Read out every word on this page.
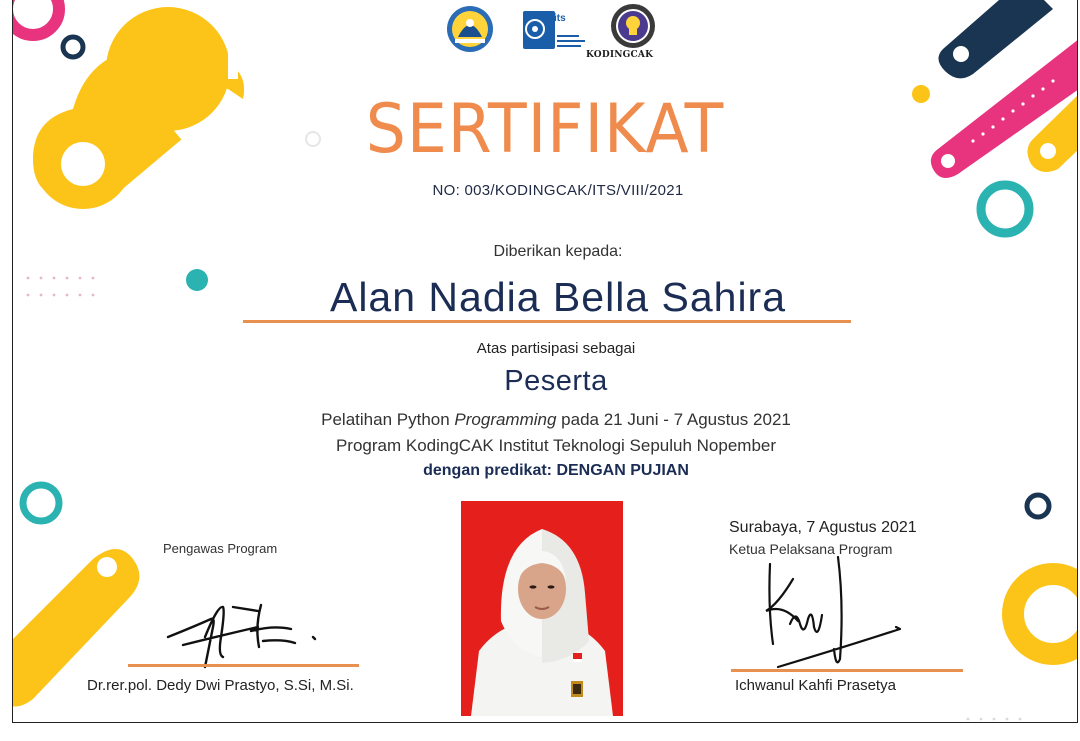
its
KODINGCAK
SERTIFIKAT
NO: 003/KODINGCAK/ITS/VIII/2021
Diberikan kepada:
Alan Nadia Bella Sahira
Atas partisipasi sebagai
Peserta
Pelatihan Python Programming pada 21 Juni - 7 Agustus 2021
Program KodingCAK Institut Teknologi Sepuluh Nopember
dengan predikat: DENGAN PUJIAN
Pengawas Program
Dr.rer.pol. Dedy Dwi Prastyo, S.Si, M.Si.
Surabaya, 7 Agustus 2021
Ketua Pelaksana Program
Ichwanul Kahfi Prasetya
